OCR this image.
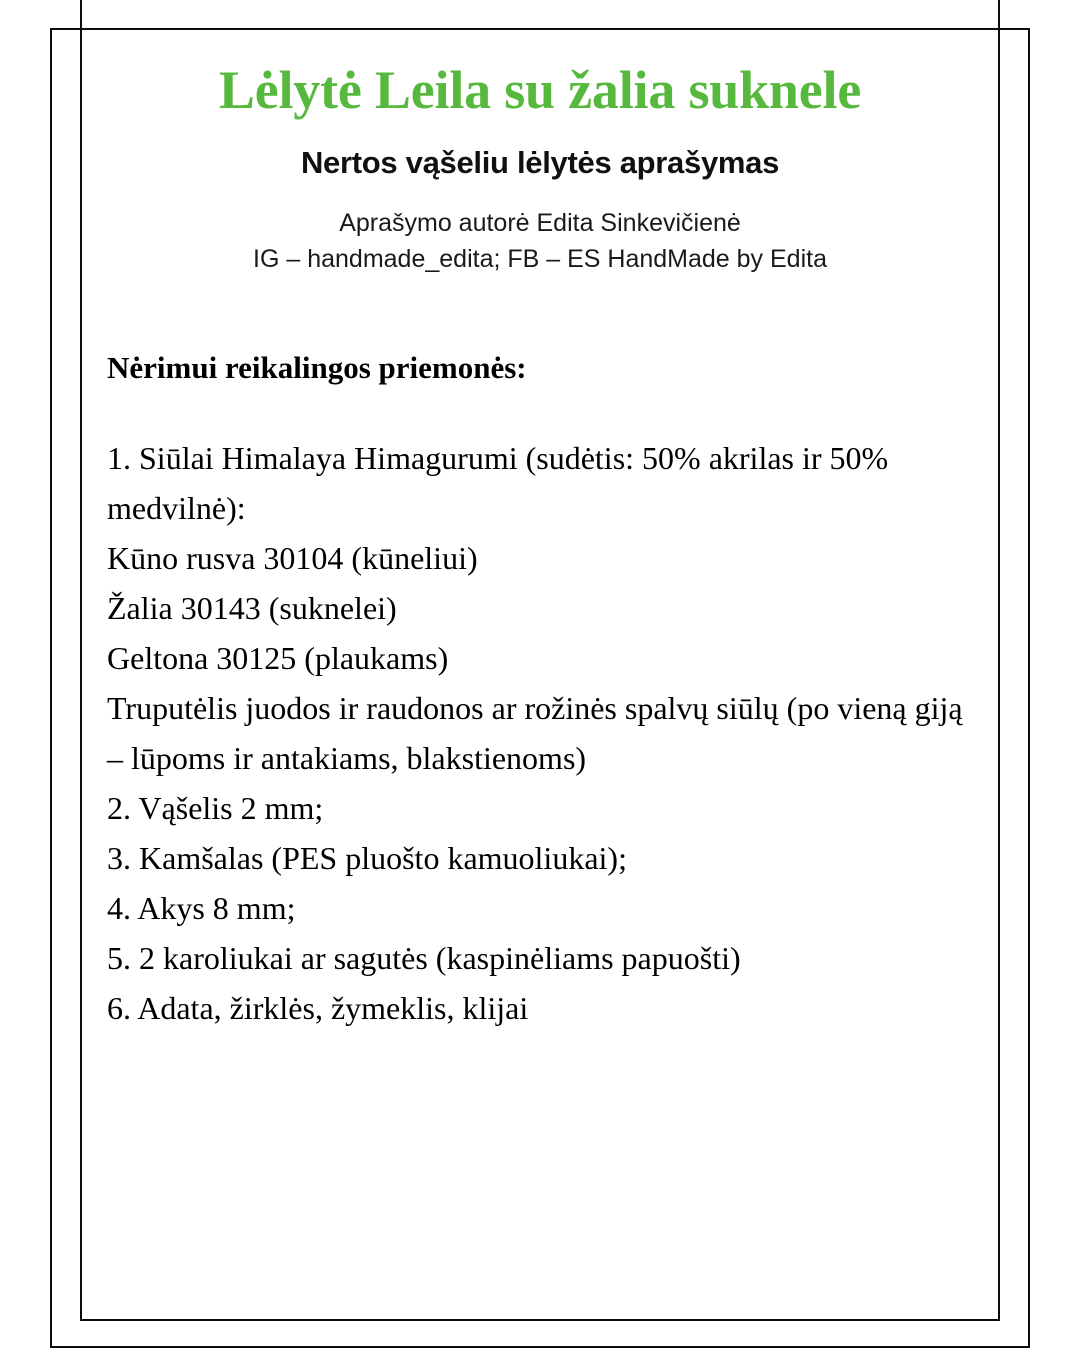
Lėlytė Leila su žalia suknele
Nertos vąšeliu lėlytės aprašymas
Aprašymo autorė Edita Sinkevičienė
IG – handmade_edita; FB – ES HandMade by Edita
Nėrimui reikalingos priemonės:
1. Siūlai Himalaya Himagurumi (sudėtis: 50% akrilas ir 50% medvilnė):
Kūno rusva 30104 (kūneliui)
Žalia 30143 (suknelei)
Geltona 30125 (plaukams)
Truputėlis juodos ir raudonos ar rožinės spalvų siūlų (po vieną giją – lūpoms ir antakiams, blakstienoms)
2. Vąšelis 2 mm;
3. Kamšalas (PES pluošto kamuoliukai);
4. Akys 8 mm;
5. 2 karoliukai ar sagutės (kaspinėliams papuošti)
6. Adata, žirklės, žymeklis, klijai
